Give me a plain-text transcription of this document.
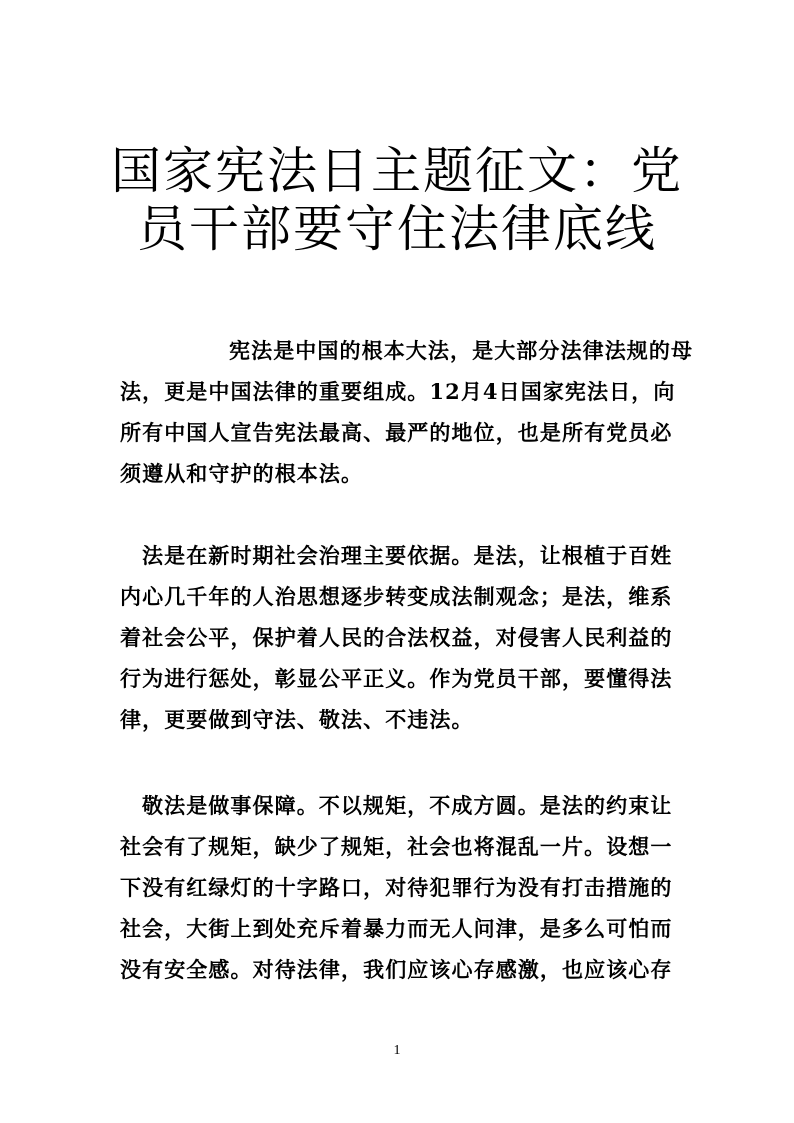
国家宪法日主题征文：党
员干部要守住法律底线
宪法是中国的根本大法，是大部分法律法规的母
法，更是中国法律的重要组成。12月4日国家宪法日，向
所有中国人宣告宪法最高、最严的地位，也是所有党员必
须遵从和守护的根本法。
法是在新时期社会治理主要依据。是法，让根植于百姓
内心几千年的人治思想逐步转变成法制观念；是法，维系
着社会公平，保护着人民的合法权益，对侵害人民利益的
行为进行惩处，彰显公平正义。作为党员干部，要懂得法
律，更要做到守法、敬法、不违法。
敬法是做事保障。不以规矩，不成方圆。是法的约束让
社会有了规矩，缺少了规矩，社会也将混乱一片。设想一
下没有红绿灯的十字路口，对待犯罪行为没有打击措施的
社会，大街上到处充斥着暴力而无人问津，是多么可怕而
没有安全感。对待法律，我们应该心存感激，也应该心存
1
